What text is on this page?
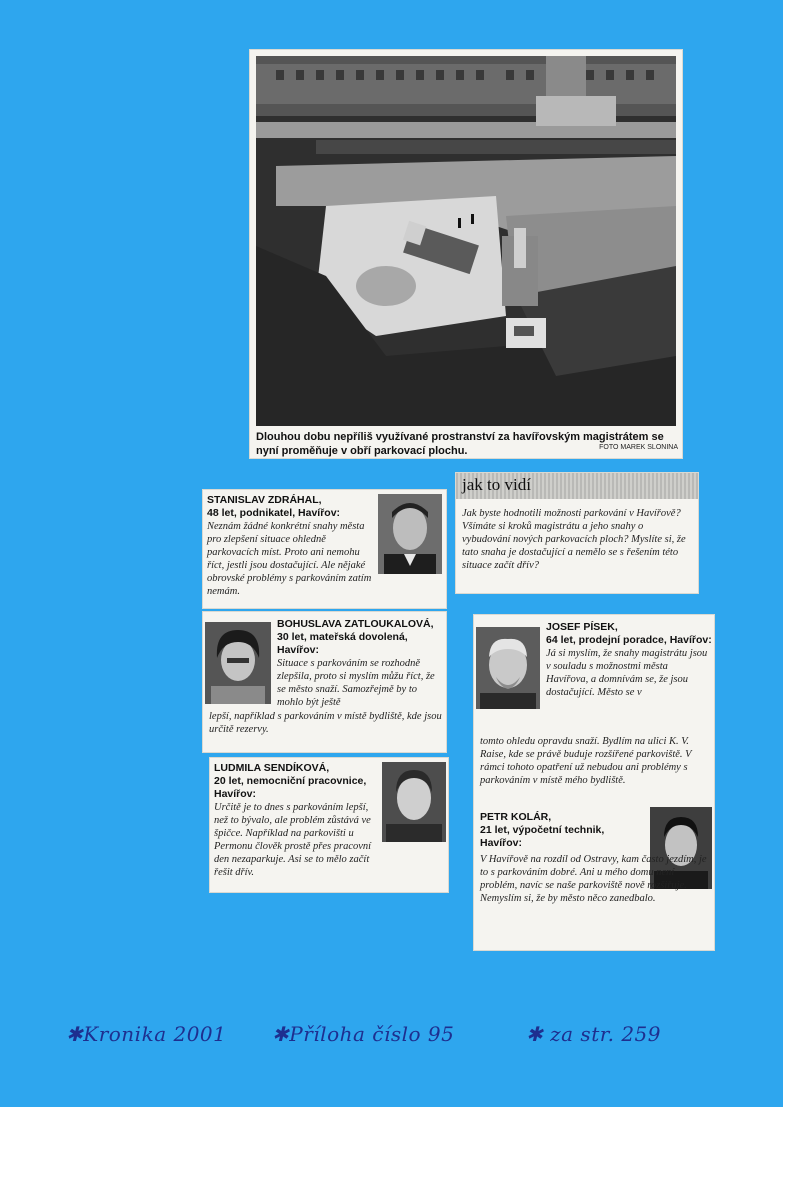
Dlouhou dobu nepříliš využívané prostranství za havířovským magistrátem se nyní proměňuje v obří parkovací plochu.	FOTO MAREK SLONINA

STANISLAV ZDRÁHAL,

48 let, podnikatel, Havířov:

Neznám žádné konkrétní snahy města pro zlepšení situace ohledně parkovacích míst. Proto ani nemohu říct, jestli jsou dostačující. Ale nějaké obrovské problémy s parkováním zatím nemám.

BOHUSLAVA ZATLOUKALOVÁ,

30 let, mateřská dovolená, Havířov:

Situace s parkováním se rozhodně zlepšila, proto si myslím můžu říct, že se město snaží. Samozřejmě by to mohlo být ještě

lepší, například s parkováním v místě bydliště, kde jsou určitě rezervy.

LUDMILA SENDÍKOVÁ,

20 let, nemocniční pracovnice, Havířov:

Určitě je to dnes s parkováním lepší, než to bývalo, ale problém zůstává ve špičce. Například na parkovišti u Permonu člověk prostě přes pracovní den nezaparkuje. Asi se to mělo začít řešit dřív.

jak to vidí

Jak byste hodnotili možnosti parkování v Havířově? Všímáte si kroků magistrátu a jeho snahy o vybudování nových parkovacích ploch? Myslíte si, že tato snaha je dostačující a nemělo se s řešením této situace začít dřív?

JOSEF PÍSEK,

64 let, prodejní poradce, Havířov:

Já si myslím, že snahy magistrátu jsou v souladu s možnostmi města Havířova, a domnívám se, že jsou dostačující. Město se v

tomto ohledu opravdu snaží. Bydlím na ulici K. V. Raise, kde se právě buduje rozšířené parkoviště. V rámci tohoto opatření už nebudou ani problémy s parkováním v místě mého bydliště.

PETR KOLÁR,

21 let, výpočetní technik, Havířov:

V Havířově na rozdíl od Ostravy, kam často jezdím, je to s parkováním dobré. Ani u mého domu není problém, navíc se naše parkoviště nově rozšiřuje. Nemyslím si, že by město něco zanedbalo.

✱Kronika 2001 ✱Příloha číslo 95	✱ za str. 259
